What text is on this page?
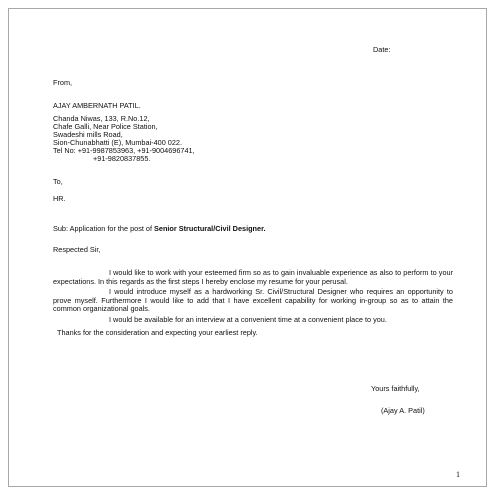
Date:
From,
AJAY AMBERNATH PATIL.
Chanda Niwas, 133, R.No.12,
Chafe Galli, Near Police Station,
Swadeshi mills Road,
Sion-Chunabhatti (E), Mumbai-400 022.
Tel No: +91-9987853963, +91-9004696741,
+91-9820837855.
To,
HR.
Sub: Application for the post of Senior Structural/Civil Designer.
Respected Sir,

I would like to work with your esteemed firm so as to gain invaluable experience as also to perform to your expectations. In this regards as the first steps I hereby enclose my resume for your perusal.

I would introduce myself as a hardworking Sr. Civil/Structural Designer who requires an opportunity to prove myself. Furthermore I would like to add that I have excellent capability for working in-group so as to attain the common organizational goals.

I would be available for an interview at a convenient time at a convenient place to you.

Thanks for the consideration and expecting your earliest reply.

Yours faithfully,
(Ajay A. Patil)
1
